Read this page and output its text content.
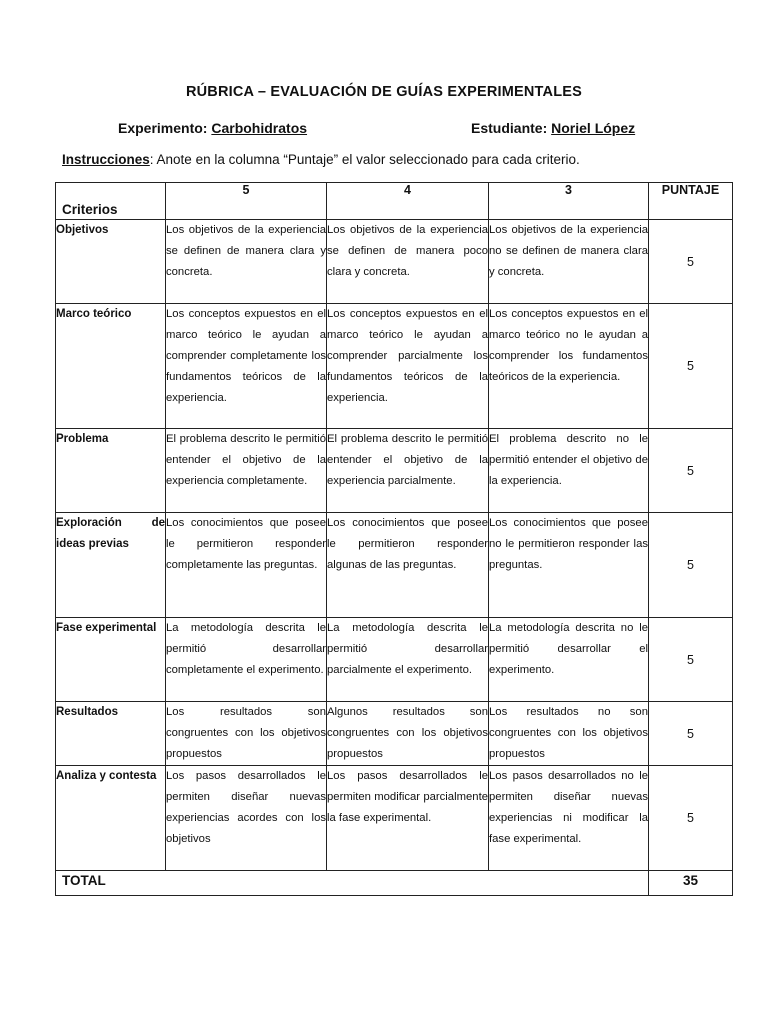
RÚBRICA – EVALUACIÓN DE GUÍAS EXPERIMENTALES
Experimento: Carbohidratos	Estudiante: Noriel López
Instrucciones: Anote en la columna “Puntaje” el valor seleccionado para cada criterio.
Criterios	5	4	3	PUNTAJE
Objetivos	Los objetivos de la experiencia se definen de manera clara y concreta.	Los objetivos de la experiencia se definen de manera poco clara y concreta.	Los objetivos de la experiencia no se definen de manera clara y concreta.	5
Marco teórico	Los conceptos expuestos en el marco teórico le ayudan a comprender completamente los fundamentos teóricos de la experiencia.	Los conceptos expuestos en el marco teórico le ayudan a comprender parcialmente los fundamentos teóricos de la experiencia.	Los conceptos expuestos en el marco teórico no le ayudan a comprender los fundamentos teóricos de la experiencia.	5
Problema	El problema descrito le permitió entender el objetivo de la experiencia completamente.	El problema descrito le permitió entender el objetivo de la experiencia parcialmente.	El problema descrito no le permitió entender el objetivo de la experiencia.	5
Exploración de ideas previas	Los conocimientos que posee le permitieron responder completamente las preguntas.	Los conocimientos que posee le permitieron responder algunas de las preguntas.	Los conocimientos que posee no le permitieron responder las preguntas.	5
Fase experimental	La metodología descrita le permitió desarrollar completamente el experimento.	La metodología descrita le permitió desarrollar parcialmente el experimento.	La metodología descrita no le permitió desarrollar el experimento.	5
Resultados	Los resultados son congruentes con los objetivos propuestos	Algunos resultados son congruentes con los objetivos propuestos	Los resultados no son congruentes con los objetivos propuestos	5
Analiza y contesta	Los pasos desarrollados le permiten diseñar nuevas experiencias acordes con los objetivos	Los pasos desarrollados le permiten modificar parcialmente la fase experimental.	Los pasos desarrollados no le permiten diseñar nuevas experiencias ni modificar la fase experimental.	5
TOTAL				35
